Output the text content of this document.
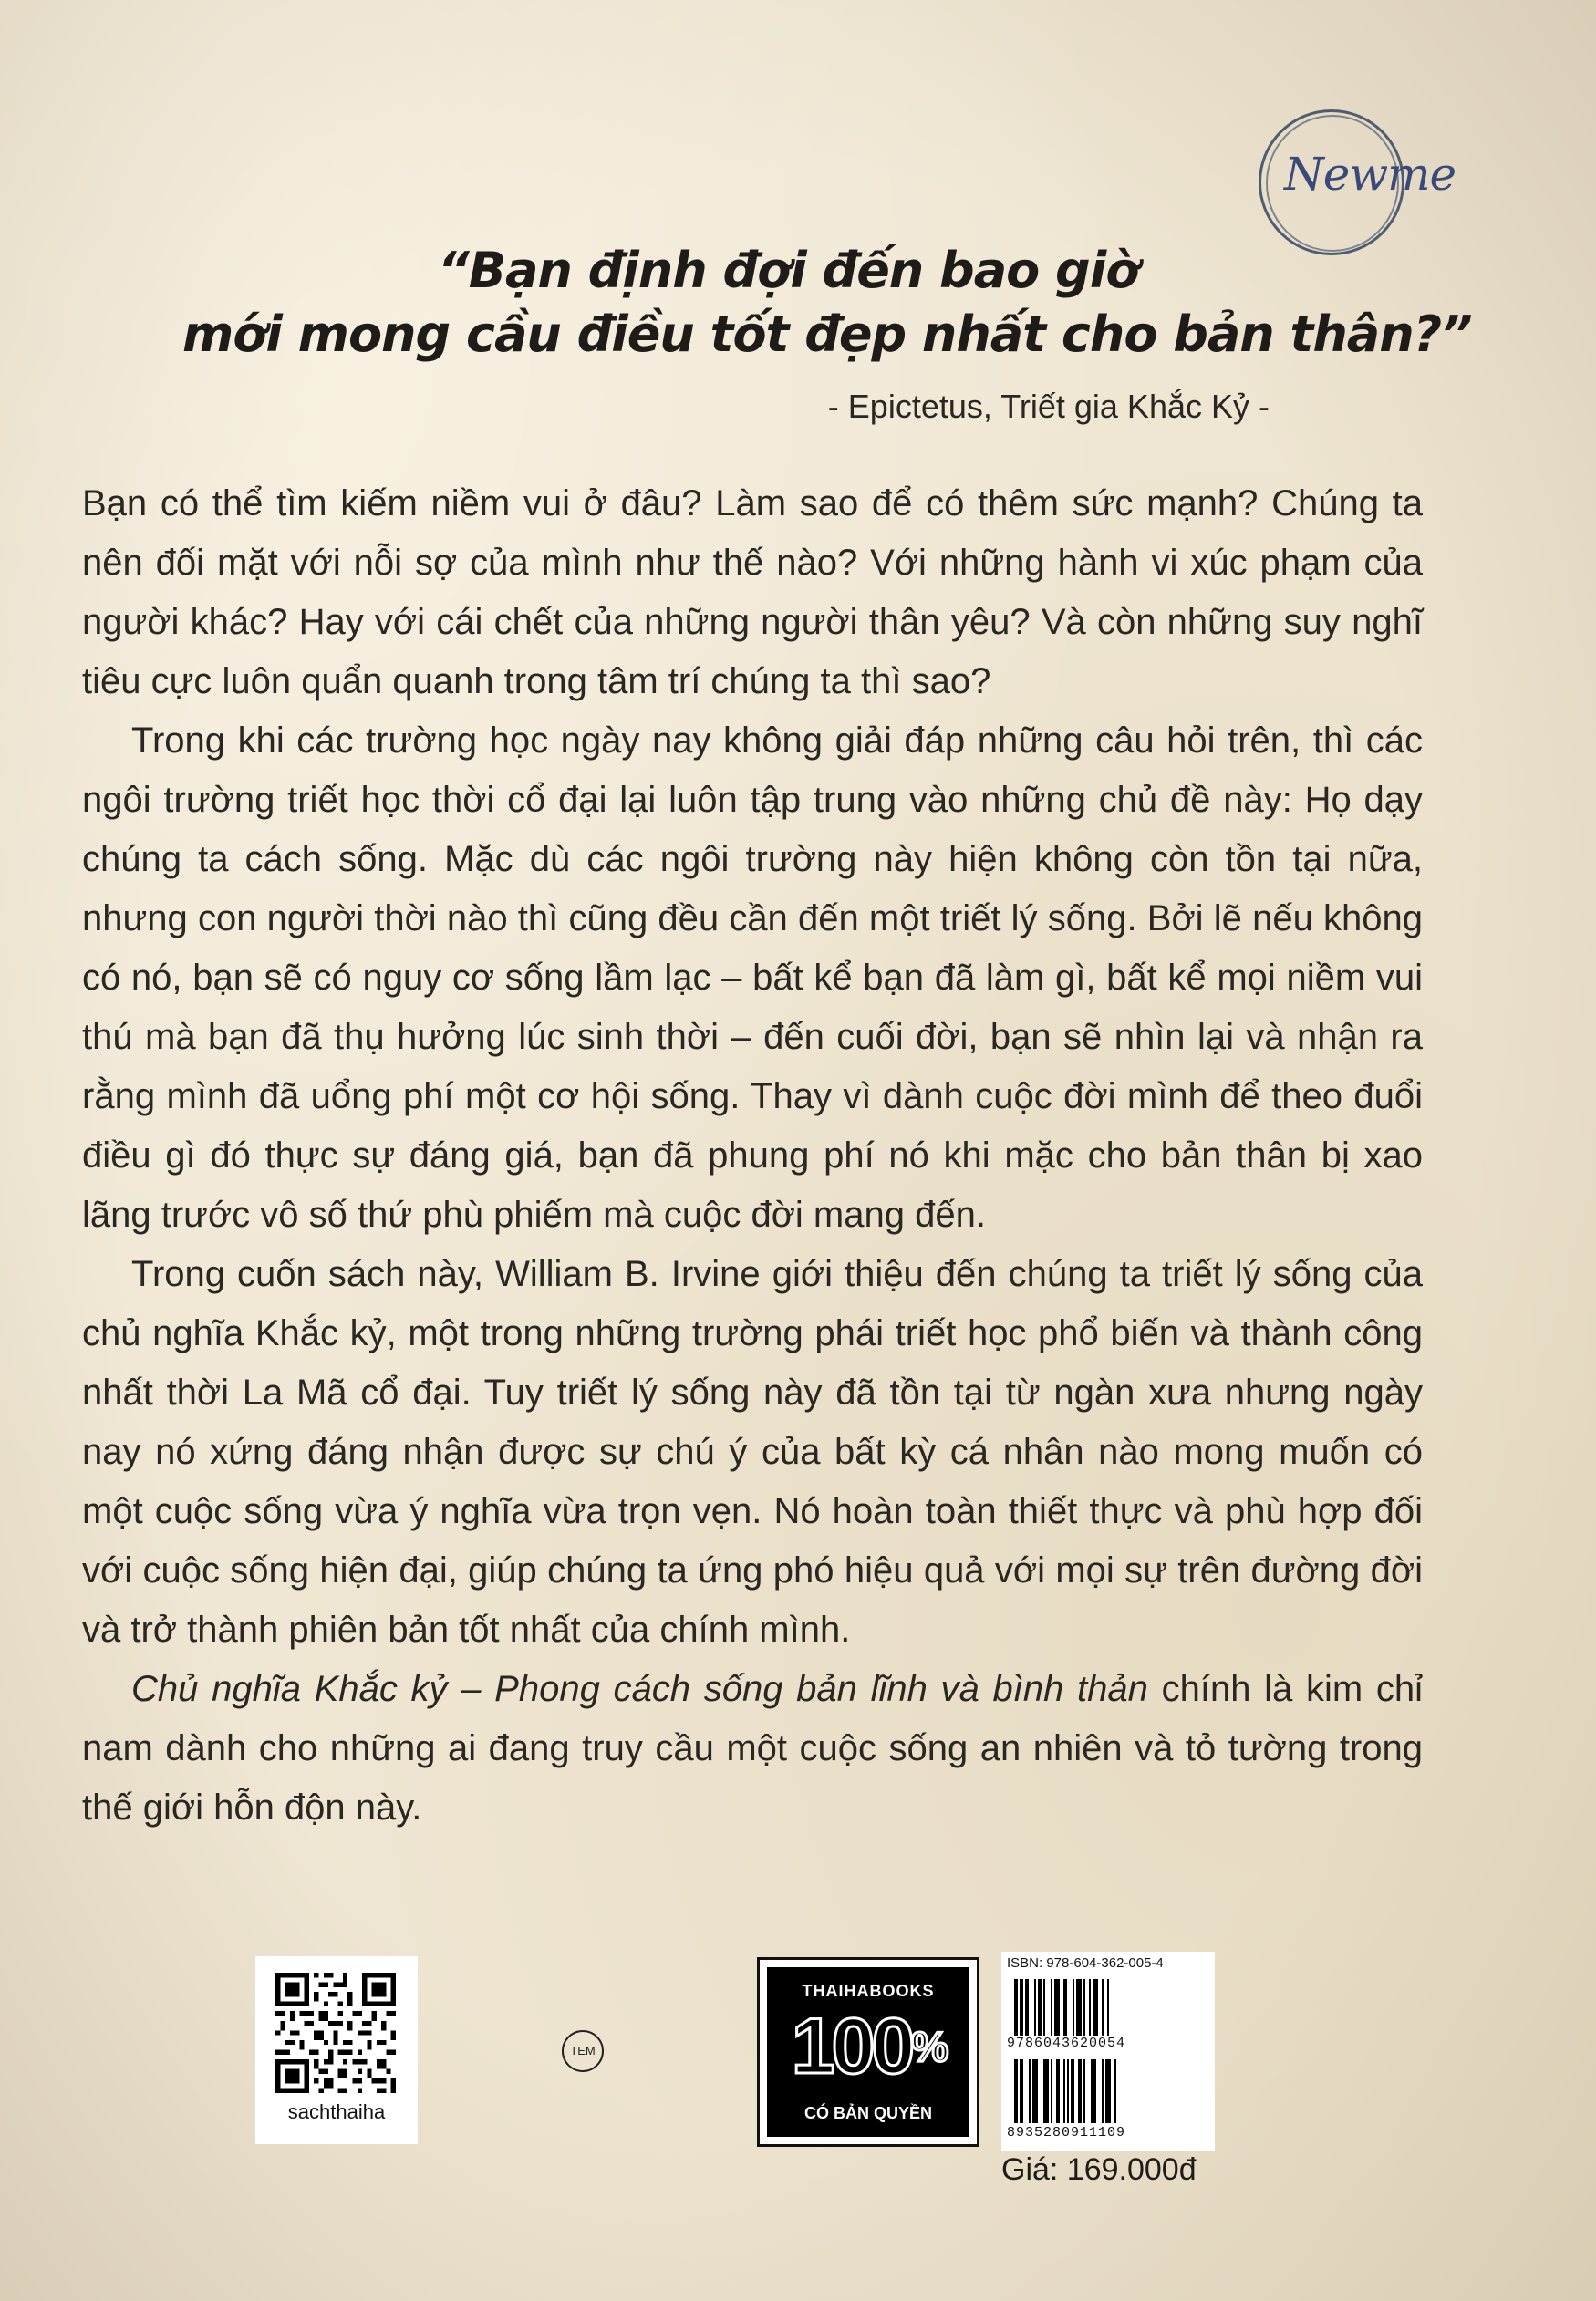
Newme

“Bạn định đợi đến bao giờ

mới mong cầu điều tốt đẹp nhất cho bản thân?”

- Epictetus, Triết gia Khắc Kỷ -

Bạn có thể tìm kiếm niềm vui ở đâu? Làm sao để có thêm sức mạnh? Chúng ta nên đối mặt với nỗi sợ của mình như thế nào? Với những hành vi xúc phạm của người khác? Hay với cái chết của những người thân yêu? Và còn những suy nghĩ tiêu cực luôn quẩn quanh trong tâm trí chúng ta thì sao?

Trong khi các trường học ngày nay không giải đáp những câu hỏi trên, thì các ngôi trường triết học thời cổ đại lại luôn tập trung vào những chủ đề này: Họ dạy chúng ta cách sống. Mặc dù các ngôi trường này hiện không còn tồn tại nữa, nhưng con người thời nào thì cũng đều cần đến một triết lý sống. Bởi lẽ nếu không có nó, bạn sẽ có nguy cơ sống lầm lạc – bất kể bạn đã làm gì, bất kể mọi niềm vui thú mà bạn đã thụ hưởng lúc sinh thời – đến cuối đời, bạn sẽ nhìn lại và nhận ra rằng mình đã uổng phí một cơ hội sống. Thay vì dành cuộc đời mình để theo đuổi điều gì đó thực sự đáng giá, bạn đã phung phí nó khi mặc cho bản thân bị xao lãng trước vô số thứ phù phiếm mà cuộc đời mang đến.

Trong cuốn sách này, William B. Irvine giới thiệu đến chúng ta triết lý sống của chủ nghĩa Khắc kỷ, một trong những trường phái triết học phổ biến và thành công nhất thời La Mã cổ đại. Tuy triết lý sống này đã tồn tại từ ngàn xưa nhưng ngày nay nó xứng đáng nhận được sự chú ý của bất kỳ cá nhân nào mong muốn có một cuộc sống vừa ý nghĩa vừa trọn vẹn. Nó hoàn toàn thiết thực và phù hợp đối với cuộc sống hiện đại, giúp chúng ta ứng phó hiệu quả với mọi sự trên đường đời và trở thành phiên bản tốt nhất của chính mình.

Chủ nghĩa Khắc kỷ – Phong cách sống bản lĩnh và bình thản chính là kim chỉ nam dành cho những ai đang truy cầu một cuộc sống an nhiên và tỏ tường trong thế giới hỗn độn này.

sachthaiha
TEM
THAIHABOOKS
100%
CÓ BẢN QUYỀN
ISBN: 978-604-362-005-4
9786043620054
8935280911109
Giá: 169.000đ
